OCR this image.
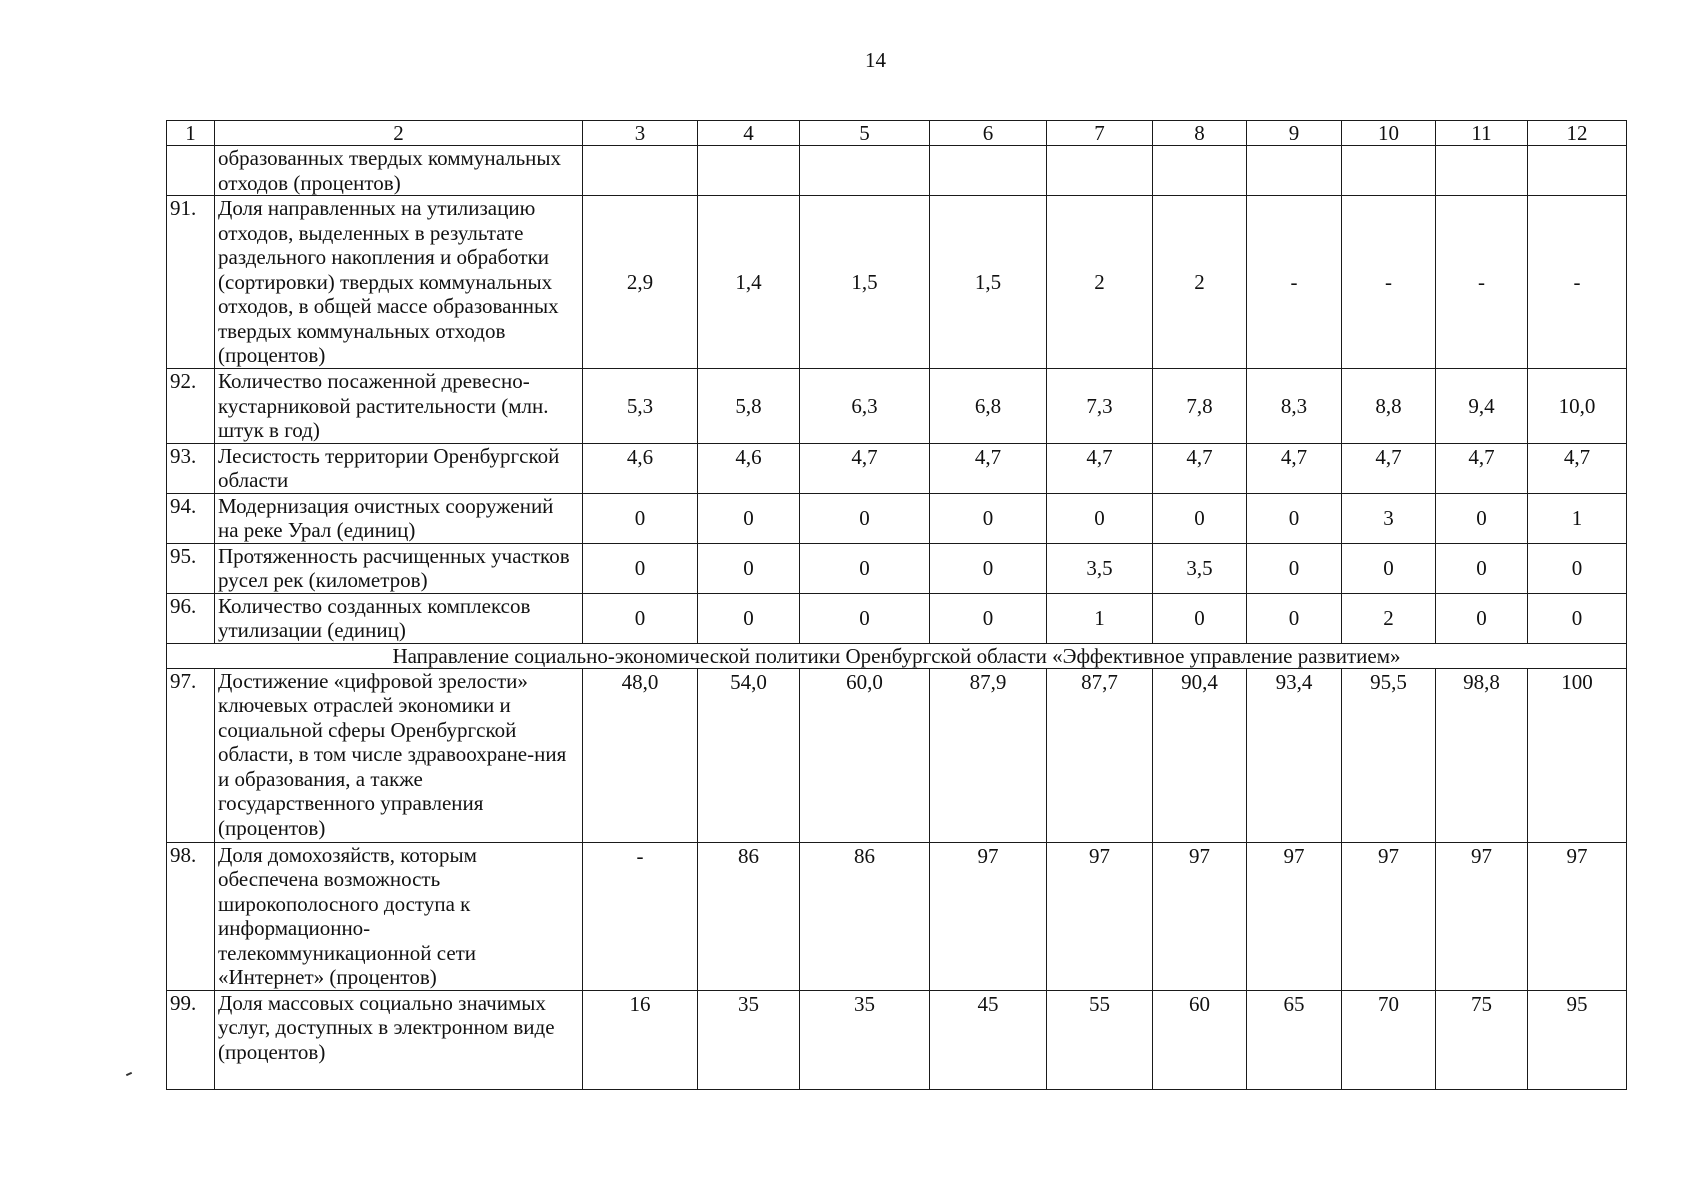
14
1	2	3	4	5	6	7	8	9	10	11	12
	образованных твердых коммунальных отходов (процентов)										
91.	Доля направленных на утилизацию отходов, выделенных в результате раздельного накопления и обработки (сортировки) твердых коммунальных отходов, в общей массе образованных твердых коммунальных отходов (процентов)	2,9	1,4	1,5	1,5	2	2	-	-	-	-
92.	Количество посаженной древесно-кустарниковой растительности (млн. штук в год)	5,3	5,8	6,3	6,8	7,3	7,8	8,3	8,8	9,4	10,0
93.	Лесистость территории Оренбургской области	4,6	4,6	4,7	4,7	4,7	4,7	4,7	4,7	4,7	4,7
94.	Модернизация очистных сооружений на реке Урал (единиц)	0	0	0	0	0	0	0	3	0	1
95.	Протяженность расчищенных участков русел рек (километров)	0	0	0	0	3,5	3,5	0	0	0	0
96.	Количество созданных комплексов утилизации (единиц)	0	0	0	0	1	0	0	2	0	0
Направление социально-экономической политики Оренбургской области «Эффективное управление развитием»											
97.	Достижение «цифровой зрелости» ключевых отраслей экономики и социальной сферы Оренбургской области, в том числе здравоохране-ния и образования, а также государственного управления (процентов)	48,0	54,0	60,0	87,9	87,7	90,4	93,4	95,5	98,8	100
98.	Доля домохозяйств, которым обеспечена возможность широкополосного доступа к информационно-телекоммуникационной сети «Интернет» (процентов)	-	86	86	97	97	97	97	97	97	97
99.	Доля массовых социально значимых услуг, доступных в электронном виде (процентов)	16	35	35	45	55	60	65	70	75	95
